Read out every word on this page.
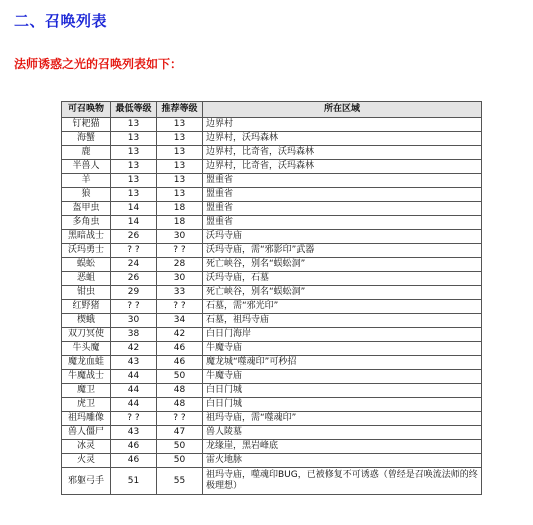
二、召唤列表
法师诱惑之光的召唤列表如下：
可召唤物	最低等级	推荐等级	所在区域
钉耙猫	13	13	边界村
海蟹	13	13	边界村，沃玛森林
鹿	13	13	边界村，比奇省，沃玛森林
半兽人	13	13	边界村，比奇省，沃玛森林
羊	13	13	盟重省
狼	13	13	盟重省
盔甲虫	14	18	盟重省
多角虫	14	18	盟重省
黑暗战士	26	30	沃玛寺庙
沃玛勇士	? ?	? ?	沃玛寺庙，需“邪影印”武器
蜈蚣	24	28	死亡峡谷，别名“蜈蚣洞”
恶蛆	26	30	沃玛寺庙，石墓
钳虫	29	33	死亡峡谷，别名“蜈蚣洞”
红野猪	? ?	? ?	石墓，需“邪光印”
楔蛾	30	34	石墓，祖玛寺庙
双刀冥使	38	42	白日门海岸
牛头魔	42	46	牛魔寺庙
魔龙血蛙	43	46	魔龙城“噬魂印”可秒招
牛魔战士	44	50	牛魔寺庙
魔卫	44	48	白日门城
虎卫	44	48	白日门城
祖玛雕像	? ?	? ?	祖玛寺庙，需“噬魂印”
兽人僵尸	43	47	兽人陵墓
冰灵	46	50	龙缘崖，黑岩峰底
火灵	46	50	雷火地脉
邪躯弓手	51	55	祖玛寺庙，噬魂印BUG，已被修复不可诱惑（曾经是召唤流法师的终极理想）
